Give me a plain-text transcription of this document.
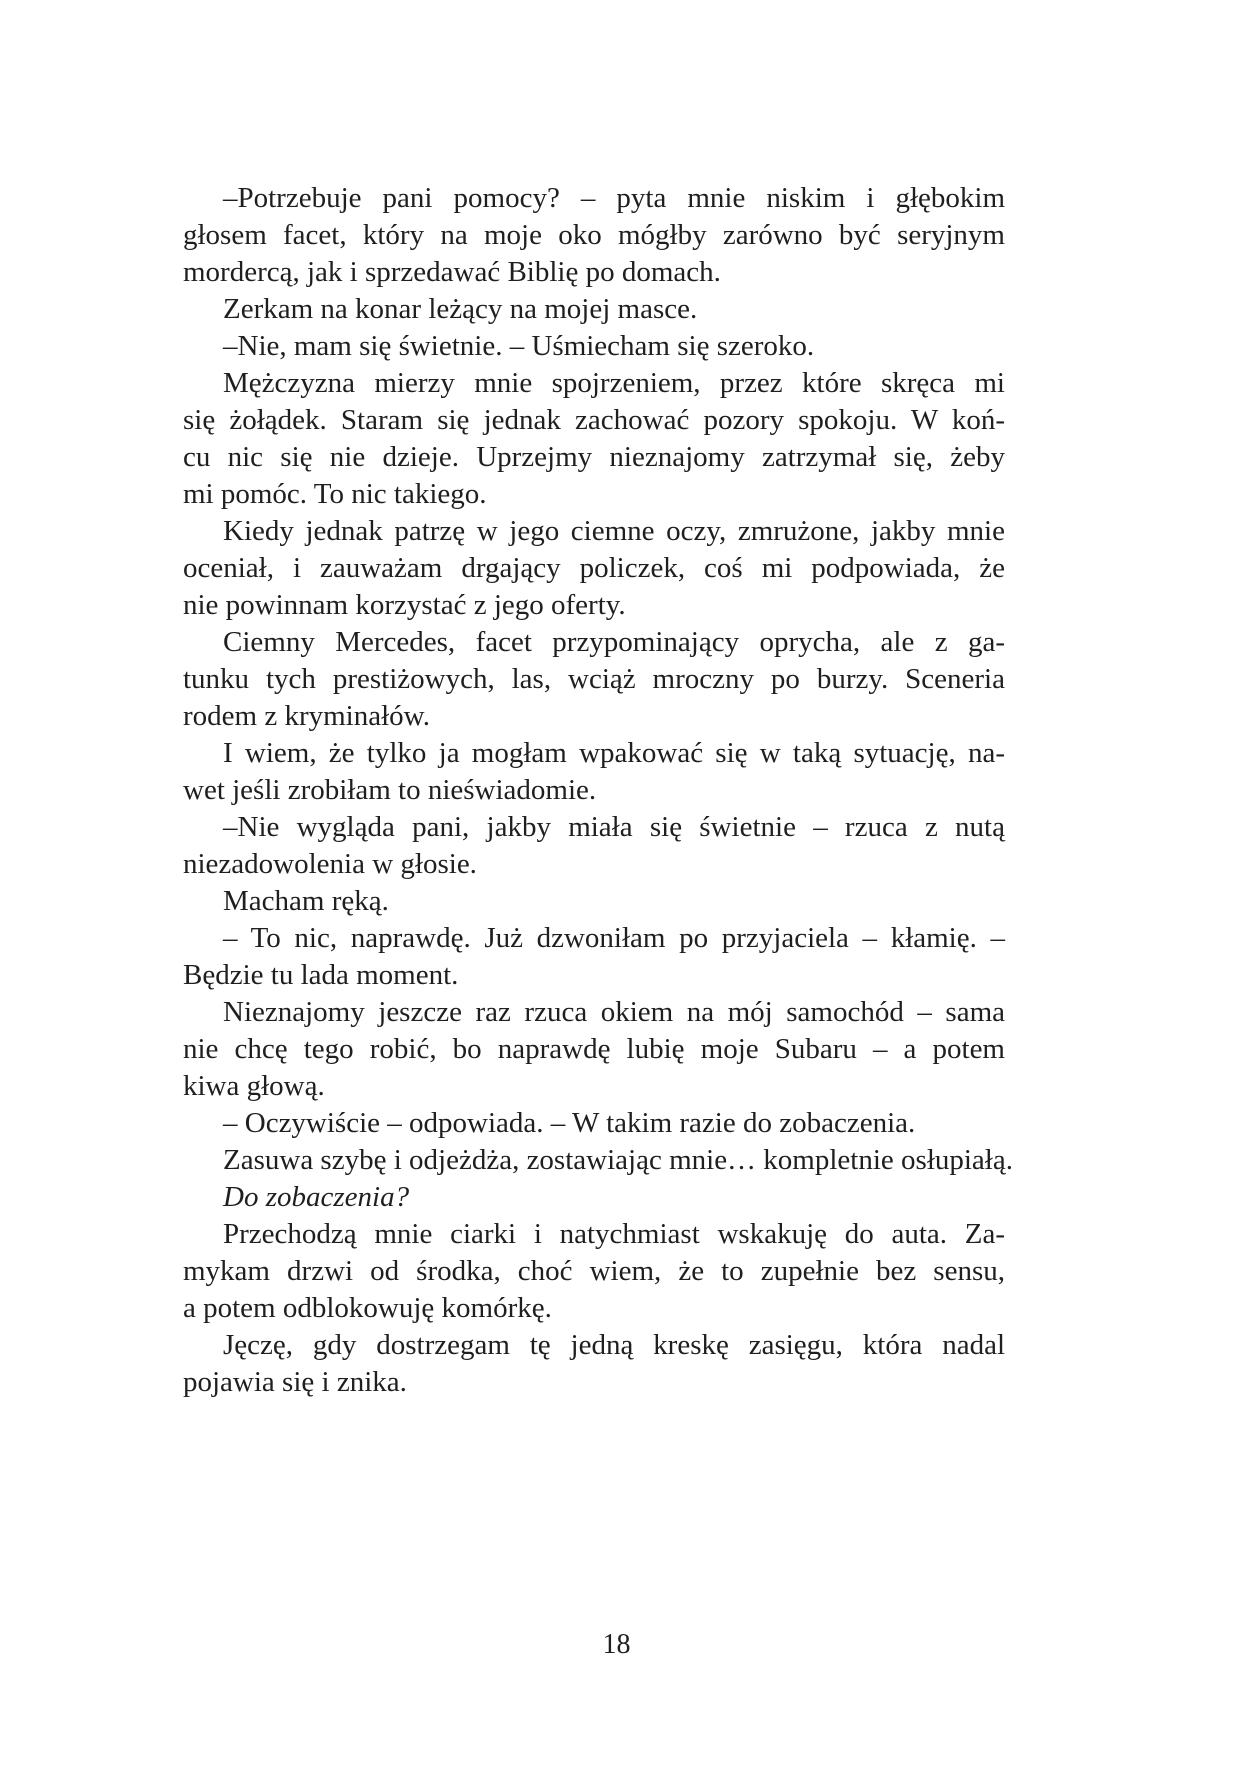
–Potrzebuje pani pomocy? – pyta mnie niskim i głębokim
głosem facet, który na moje oko mógłby zarówno być seryjnym
mordercą, jak i sprzedawać Biblię po domach.
Zerkam na konar leżący na mojej masce.
–Nie, mam się świetnie. – Uśmiecham się szeroko.
Mężczyzna mierzy mnie spojrzeniem, przez które skręca mi
się żołądek. Staram się jednak zachować pozory spokoju. W koń-
cu nic się nie dzieje. Uprzejmy nieznajomy zatrzymał się, żeby
mi pomóc. To nic takiego.
Kiedy jednak patrzę w jego ciemne oczy, zmrużone, jakby mnie
oceniał, i zauważam drgający policzek, coś mi podpowiada, że
nie powinnam korzystać z jego oferty.
Ciemny Mercedes, facet przypominający oprycha, ale z ga-
tunku tych prestiżowych, las, wciąż mroczny po burzy. Sceneria
rodem z kryminałów.
I wiem, że tylko ja mogłam wpakować się w taką sytuację, na-
wet jeśli zrobiłam to nieświadomie.
–Nie wygląda pani, jakby miała się świetnie – rzuca z nutą
niezadowolenia w głosie.
Macham ręką.
– To nic, naprawdę. Już dzwoniłam po przyjaciela – kłamię. –
Będzie tu lada moment.
Nieznajomy jeszcze raz rzuca okiem na mój samochód – sama
nie chcę tego robić, bo naprawdę lubię moje Subaru – a potem
kiwa głową.
– Oczywiście – odpowiada. – W takim razie do zobaczenia.
Zasuwa szybę i odjeżdża, zostawiając mnie… kompletnie osłupiałą.
Do zobaczenia?
Przechodzą mnie ciarki i natychmiast wskakuję do auta. Za-
mykam drzwi od środka, choć wiem, że to zupełnie bez sensu,
a potem odblokowuję komórkę.
Jęczę, gdy dostrzegam tę jedną kreskę zasięgu, która nadal
pojawia się i znika.
18
